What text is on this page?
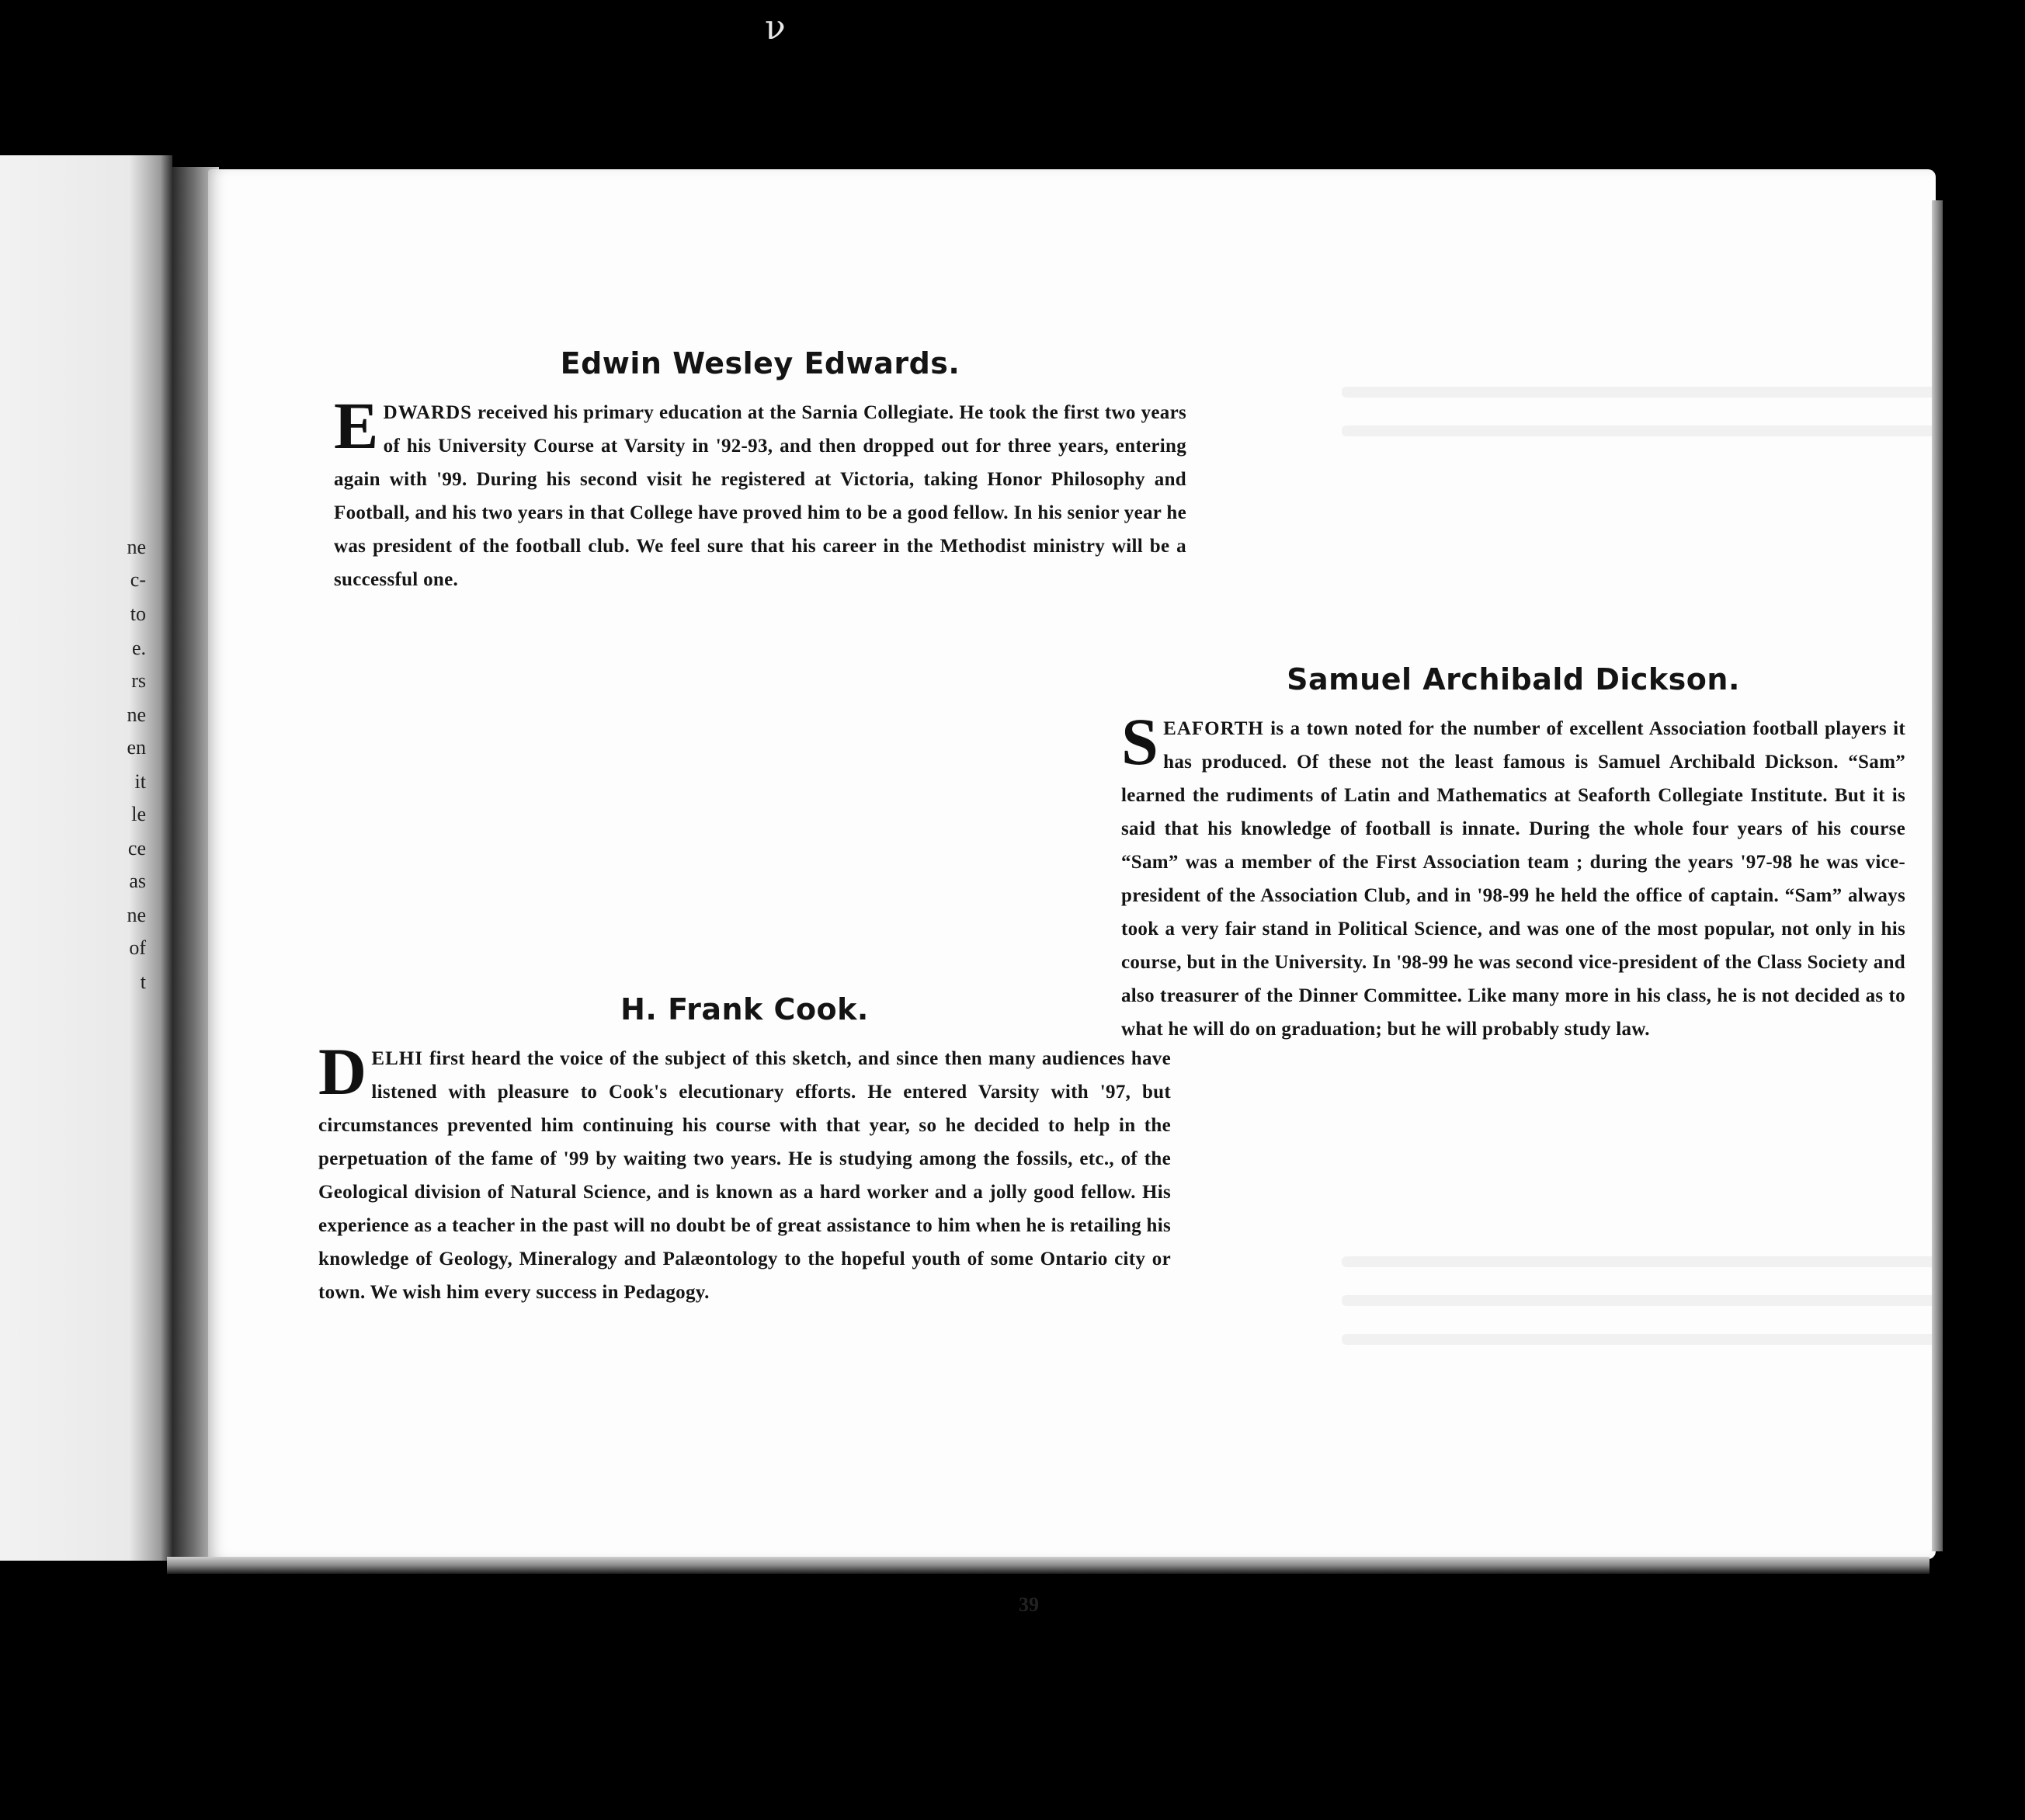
ν
ne
c-
to
e.
rs
ne
en
it
le
ce
as
ne
of
t
Edwin Wesley Edwards.

EDWARDS received his primary education at the Sarnia Collegiate. He took the first two years of his University Course at Varsity in '92-93, and then dropped out for three years, entering again with '99. During his second visit he registered at Victoria, taking Honor Philosophy and Football, and his two years in that College have proved him to be a good fellow. In his senior year he was president of the football club. We feel sure that his career in the Methodist ministry will be a successful one.

H. Frank Cook.

DELHI first heard the voice of the subject of this sketch, and since then many audiences have listened with pleasure to Cook's elecutionary efforts. He entered Varsity with '97, but circumstances prevented him continuing his course with that year, so he decided to help in the perpetuation of the fame of '99 by waiting two years. He is studying among the fossils, etc., of the Geological division of Natural Science, and is known as a hard worker and a jolly good fellow. His experience as a teacher in the past will no doubt be of great assistance to him when he is retailing his knowledge of Geology, Mineralogy and Palæontology to the hopeful youth of some Ontario city or town. We wish him every success in Pedagogy.

Samuel Archibald Dickson.

SEAFORTH is a town noted for the number of excellent Association football players it has produced. Of these not the least famous is Samuel Archibald Dickson. “Sam” learned the rudiments of Latin and Mathematics at Seaforth Collegiate Institute. But it is said that his knowledge of football is innate. During the whole four years of his course “Sam” was a member of the First Association team ; during the years '97-98 he was vice-president of the Association Club, and in '98-99 he held the office of captain. “Sam” always took a very fair stand in Political Science, and was one of the most popular, not only in his course, but in the University. In '98-99 he was second vice-president of the Class Society and also treasurer of the Dinner Committee. Like many more in his class, he is not decided as to what he will do on graduation; but he will probably study law.

39
